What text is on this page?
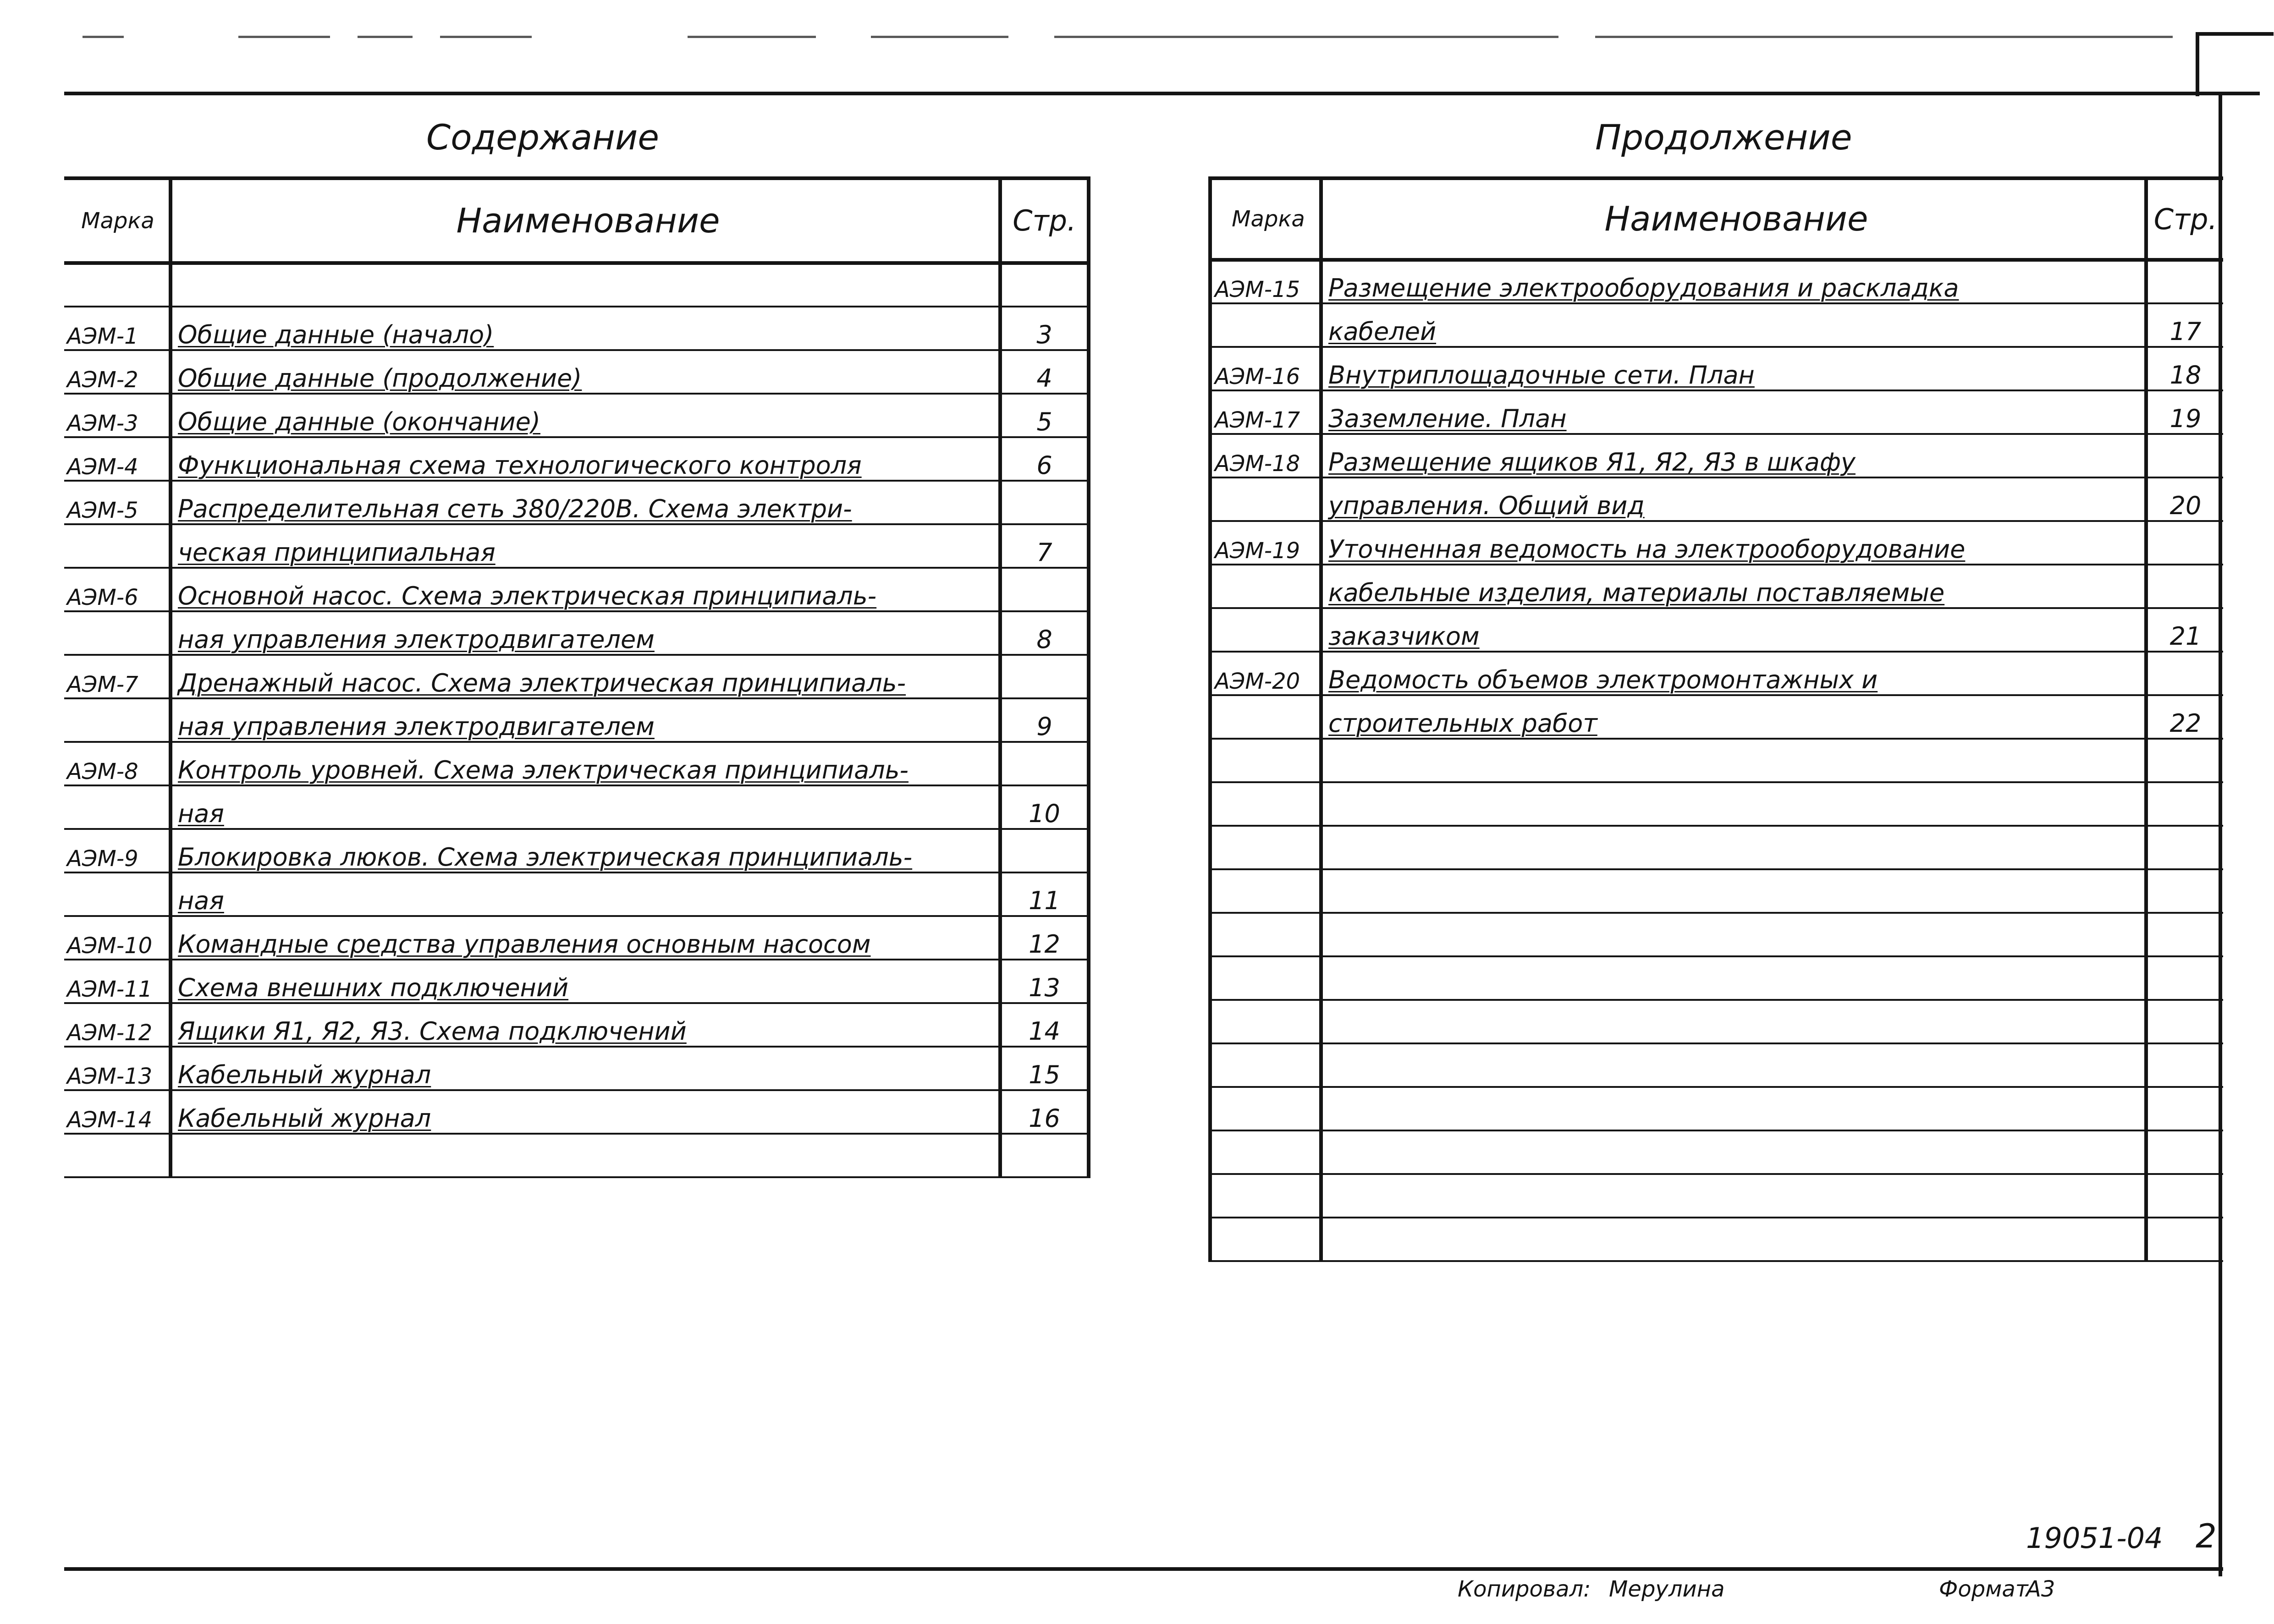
Содержание
Марка	Наименование	Стр.

АЭМ-1	Общие данные (начало)	3
АЭМ-2	Общие данные (продолжение)	4
АЭМ-3	Общие данные (окончание)	5
АЭМ-4	Функциональная схема технологического контроля	6
АЭМ-5	Распределительная сеть 380/220В. Схема электри-	
	ческая принципиальная	7
АЭМ-6	Основной насос. Схема электрическая принципиаль-	
	ная управления электродвигателем	8
АЭМ-7	Дренажный насос. Схема электрическая принципиаль-	
	ная управления электродвигателем	9
АЭМ-8	Контроль уровней. Схема электрическая принципиаль-	
	ная	10
АЭМ-9	Блокировка люков. Схема электрическая принципиаль-	
	ная	11
АЭМ-10	Командные средства управления основным насосом	12
АЭМ-11	Схема внешних подключений	13
АЭМ-12	Ящики Я1, Я2, Я3. Схема подключений	14
АЭМ-13	Кабельный журнал	15
АЭМ-14	Кабельный журнал	16

Продолжение
Марка	Наименование	Стр.
АЭМ-15	Размещение электрооборудования и раскладка	
	кабелей	17
АЭМ-16	Внутриплощадочные сети. План	18
АЭМ-17	Заземление. План	19
АЭМ-18	Размещение ящиков Я1, Я2, Я3 в шкафу	
	управления. Общий вид	20
АЭМ-19	Уточненная ведомость на электрооборудование	
	кабельные изделия, материалы поставляемые	
	заказчиком	21
АЭМ-20	Ведомость объемов электромонтажных и	
	строительных работ	22

19051-04 2
Копировал: Мерулина	Формат
А3
